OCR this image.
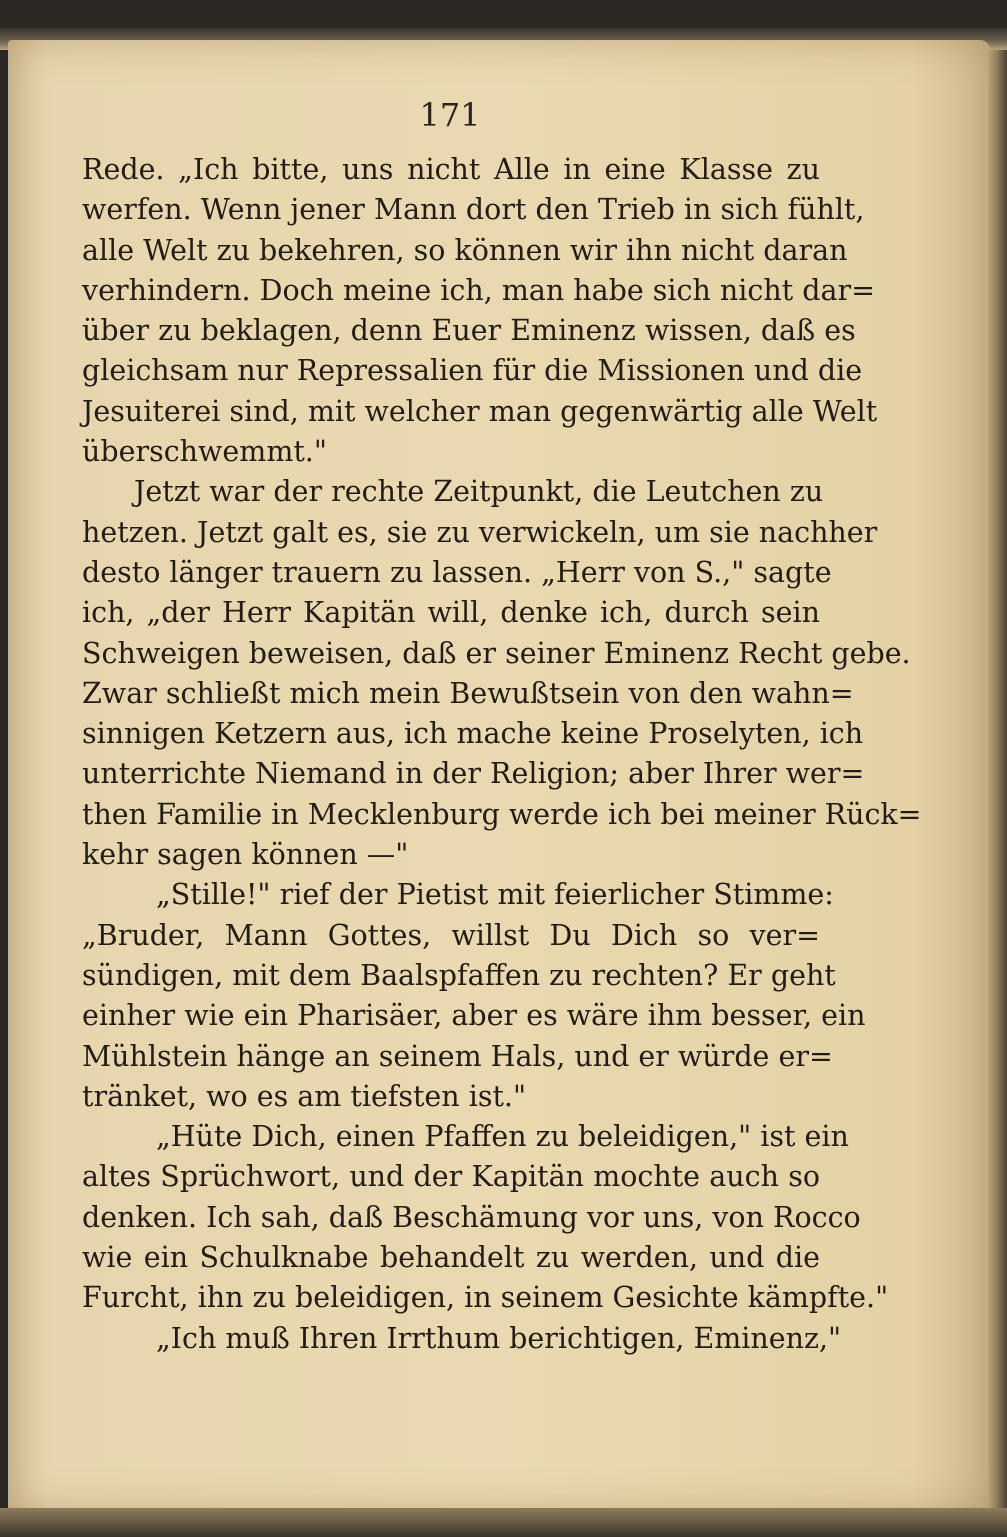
171
Rede. „Ich bitte, uns nicht Alle in eine Klasse zu
werfen. Wenn jener Mann dort den Trieb in sich fühlt,
alle Welt zu bekehren, so können wir ihn nicht daran
verhindern. Doch meine ich, man habe sich nicht dar=
über zu beklagen, denn Euer Eminenz wissen, daß es
gleichsam nur Repressalien für die Missionen und die
Jesuiterei sind, mit welcher man gegenwärtig alle Welt
überschwemmt."
Jetzt war der rechte Zeitpunkt, die Leutchen zu
hetzen. Jetzt galt es, sie zu verwickeln, um sie nachher
desto länger trauern zu lassen. „Herr von S.," sagte
ich, „der Herr Kapitän will, denke ich, durch sein
Schweigen beweisen, daß er seiner Eminenz Recht gebe.
Zwar schließt mich mein Bewußtsein von den wahn=
sinnigen Ketzern aus, ich mache keine Proselyten, ich
unterrichte Niemand in der Religion; aber Ihrer wer=
then Familie in Mecklenburg werde ich bei meiner Rück=
kehr sagen können —"
„Stille!" rief der Pietist mit feierlicher Stimme:
„Bruder, Mann Gottes, willst Du Dich so ver=
sündigen, mit dem Baalspfaffen zu rechten? Er geht
einher wie ein Pharisäer, aber es wäre ihm besser, ein
Mühlstein hänge an seinem Hals, und er würde er=
tränket, wo es am tiefsten ist."
„Hüte Dich, einen Pfaffen zu beleidigen," ist ein
altes Sprüchwort, und der Kapitän mochte auch so
denken. Ich sah, daß Beschämung vor uns, von Rocco
wie ein Schulknabe behandelt zu werden, und die
Furcht, ihn zu beleidigen, in seinem Gesichte kämpfte."
„Ich muß Ihren Irrthum berichtigen, Eminenz,"
